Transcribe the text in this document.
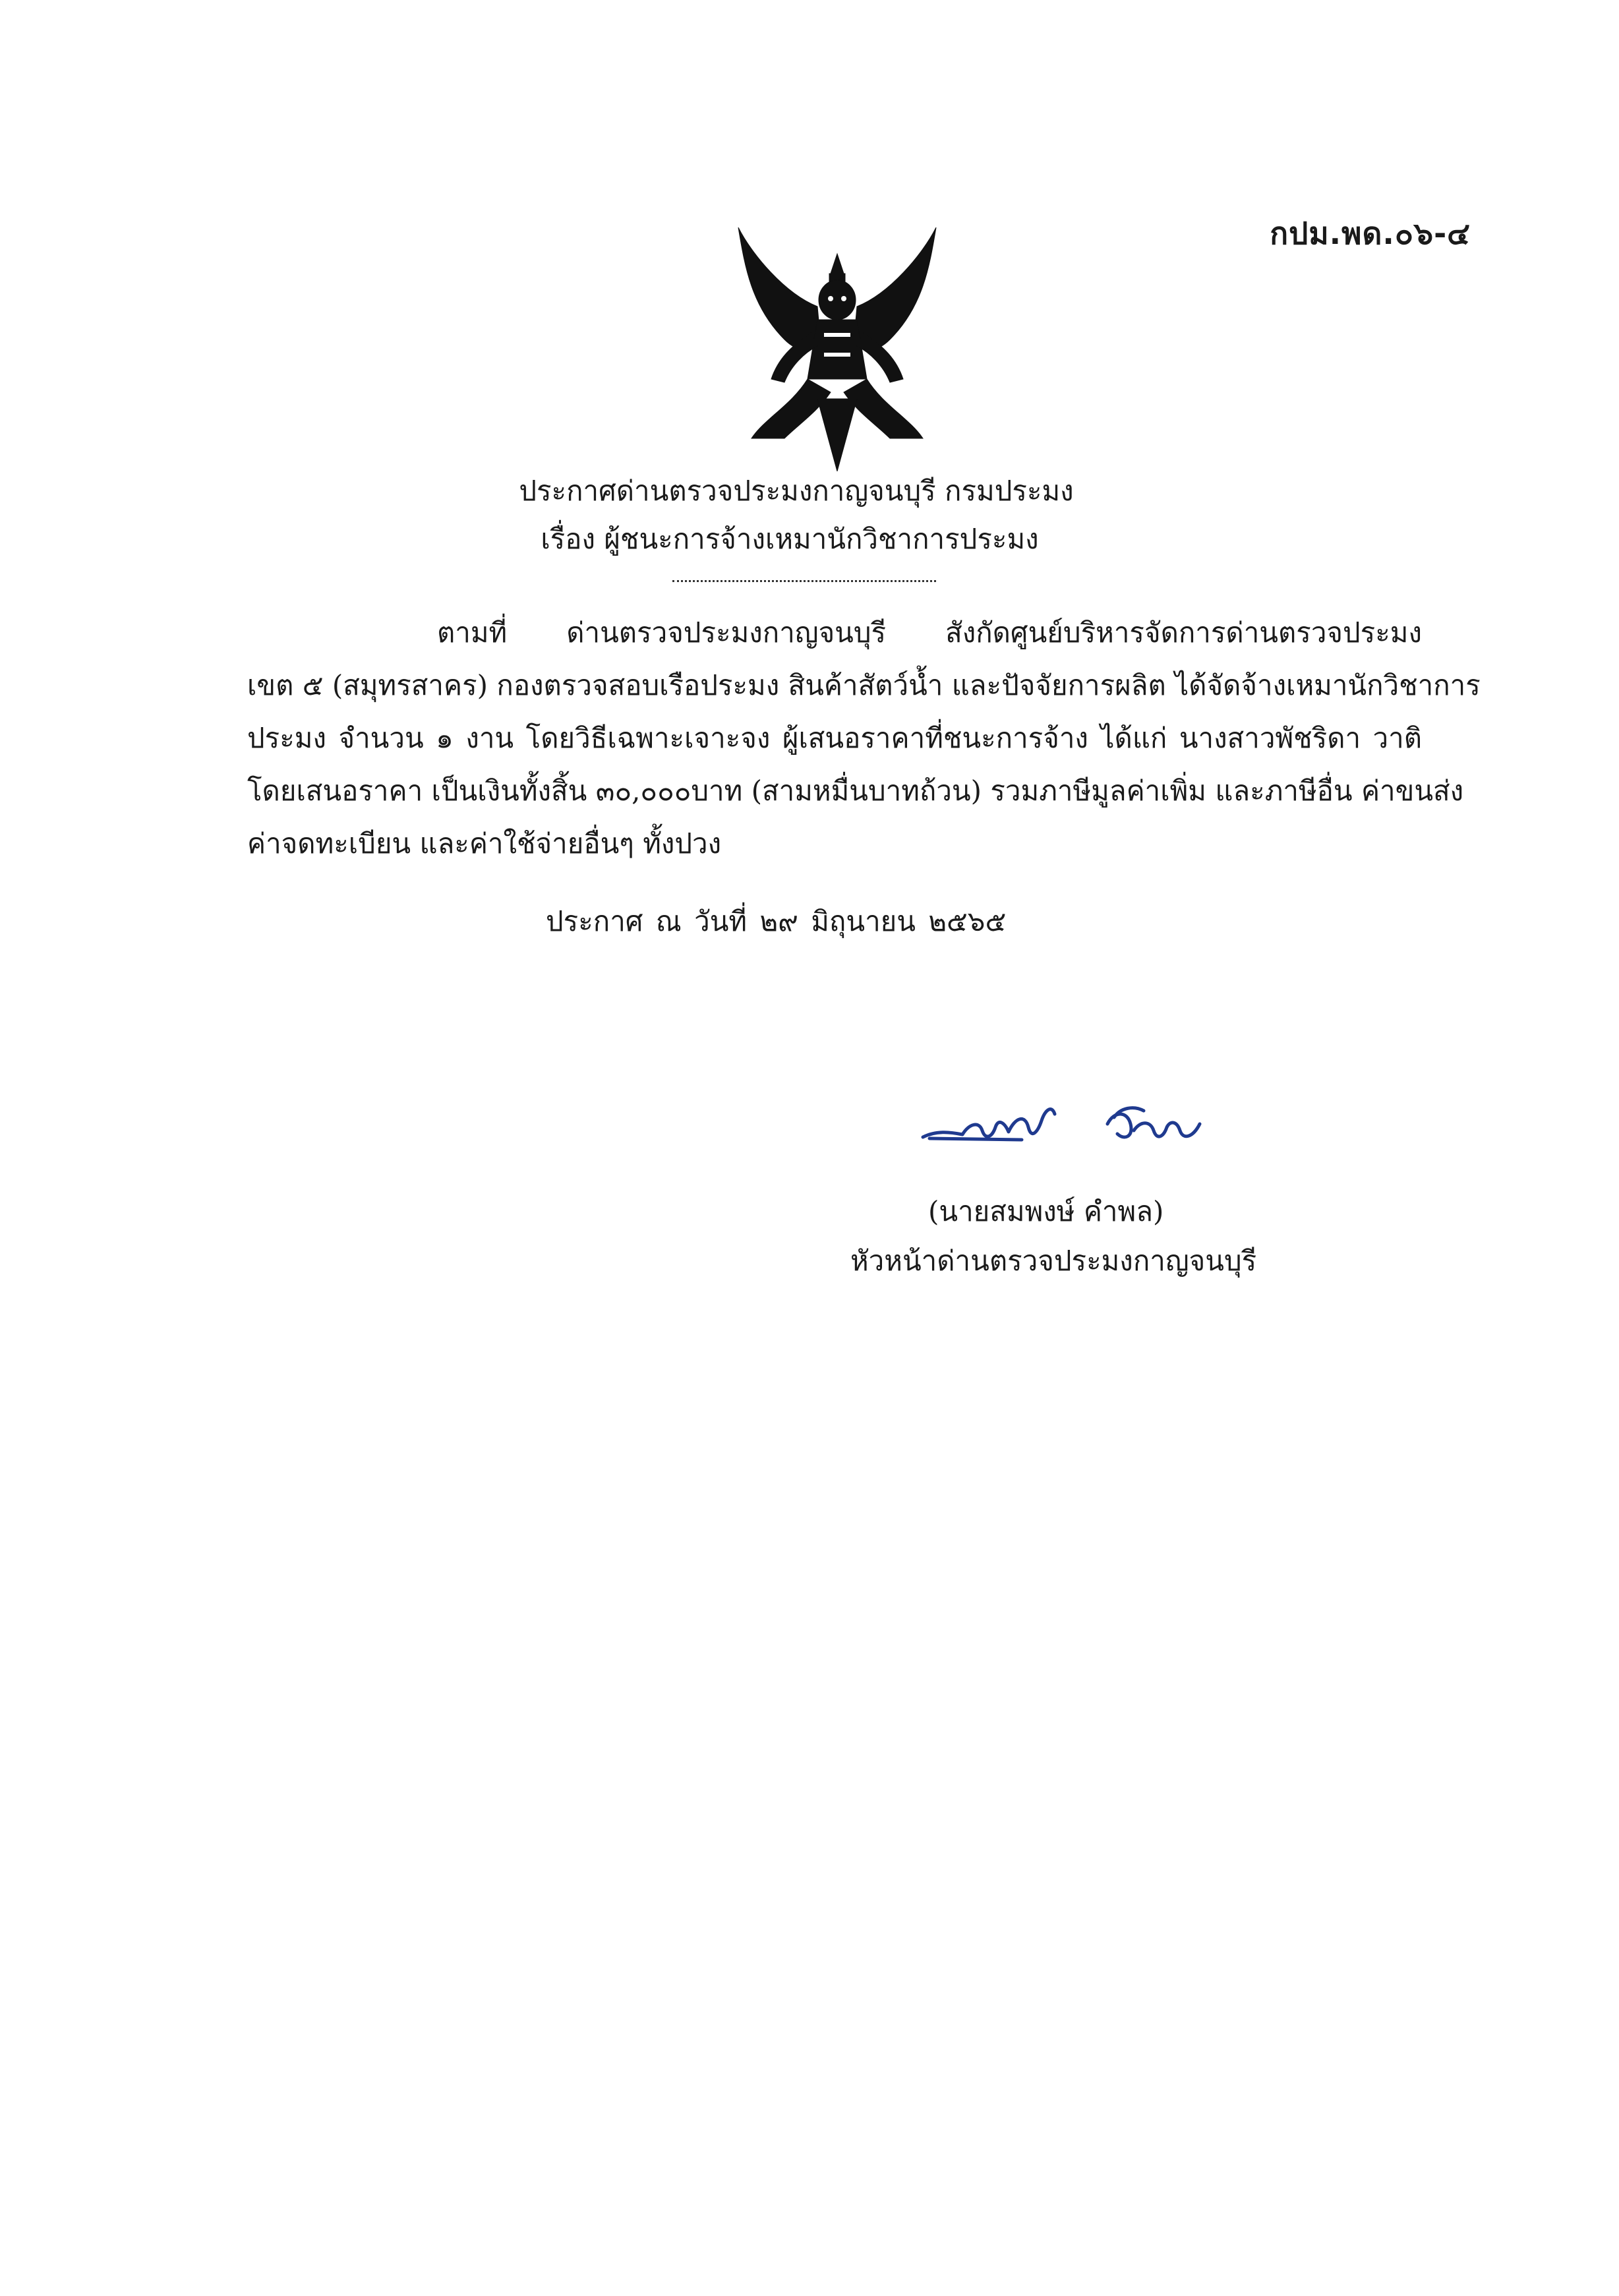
กปม.พด.๐๖-๔
ประกาศด่านตรวจประมงกาญจนบุรี กรมประมง
เรื่อง ผู้ชนะการจ้างเหมานักวิชาการประมง
ตามที่ ด่านตรวจประมงกาญจนบุรี สังกัดศูนย์บริหารจัดการด่านตรวจประมง
เขต ๕ (สมุทรสาคร) กองตรวจสอบเรือประมง สินค้าสัตว์น้ำ และปัจจัยการผลิต ได้จัดจ้างเหมานักวิชาการ
ประมง จำนวน ๑ งาน โดยวิธีเฉพาะเจาะจง ผู้เสนอราคาที่ชนะการจ้าง ได้แก่ นางสาวพัชริดา วาติ
โดยเสนอราคา เป็นเงินทั้งสิ้น ๓๐,๐๐๐บาท (สามหมื่นบาทถ้วน) รวมภาษีมูลค่าเพิ่ม และภาษีอื่น ค่าขนส่ง
ค่าจดทะเบียน และค่าใช้จ่ายอื่นๆ ทั้งปวง
ประกาศ ณ วันที่ ๒๙ มิถุนายน ๒๕๖๕
(นายสมพงษ์ คำพล)
หัวหน้าด่านตรวจประมงกาญจนบุรี
